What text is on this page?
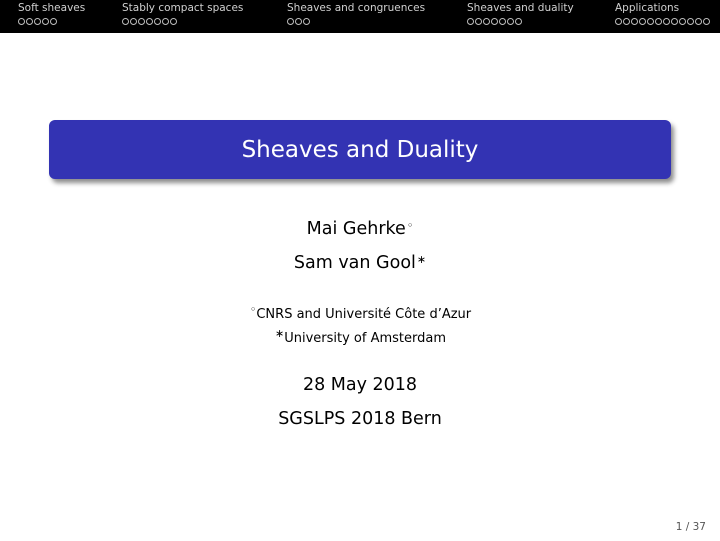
Soft sheaves	Stably compact spaces	Sheaves and congruences	Sheaves and duality	Applications
Sheaves and Duality
Mai Gehrke◦
Sam van Gool∗
◦CNRS and Université Côte d’Azur
∗University of Amsterdam
28 May 2018
SGSLPS 2018 Bern
1 / 37
